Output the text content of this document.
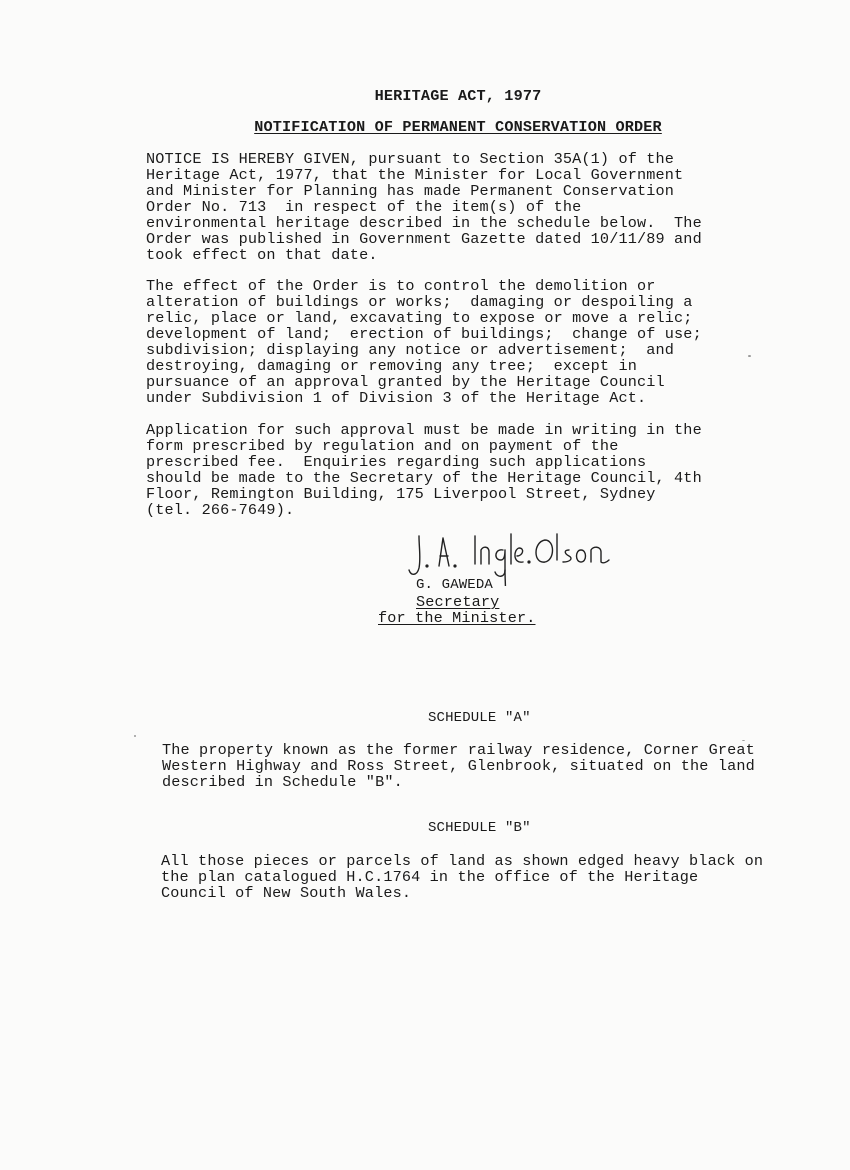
HERITAGE ACT, 1977
NOTIFICATION OF PERMANENT CONSERVATION ORDER
NOTICE IS HEREBY GIVEN, pursuant to Section 35A(1) of the
Heritage Act, 1977, that the Minister for Local Government
and Minister for Planning has made Permanent Conservation
Order No. 713  in respect of the item(s) of the
environmental heritage described in the schedule below.  The
Order was published in Government Gazette dated 10/11/89 and
took effect on that date.
The effect of the Order is to control the demolition or
alteration of buildings or works;  damaging or despoiling a
relic, place or land, excavating to expose or move a relic;
development of land;  erection of buildings;  change of use;
subdivision; displaying any notice or advertisement;  and
destroying, damaging or removing any tree;  except in
pursuance of an approval granted by the Heritage Council
under Subdivision 1 of Division 3 of the Heritage Act.
Application for such approval must be made in writing in the
form prescribed by regulation and on payment of the
prescribed fee.  Enquiries regarding such applications
should be made to the Secretary of the Heritage Council, 4th
Floor, Remington Building, 175 Liverpool Street, Sydney
(tel. 266-7649).
G. GAWEDA
Secretary
for the Minister.
SCHEDULE "A"
The property known as the former railway residence, Corner Great
Western Highway and Ross Street, Glenbrook, situated on the land
described in Schedule "B".
SCHEDULE "B"
All those pieces or parcels of land as shown edged heavy black on
the plan catalogued H.C.1764 in the office of the Heritage
Council of New South Wales.
